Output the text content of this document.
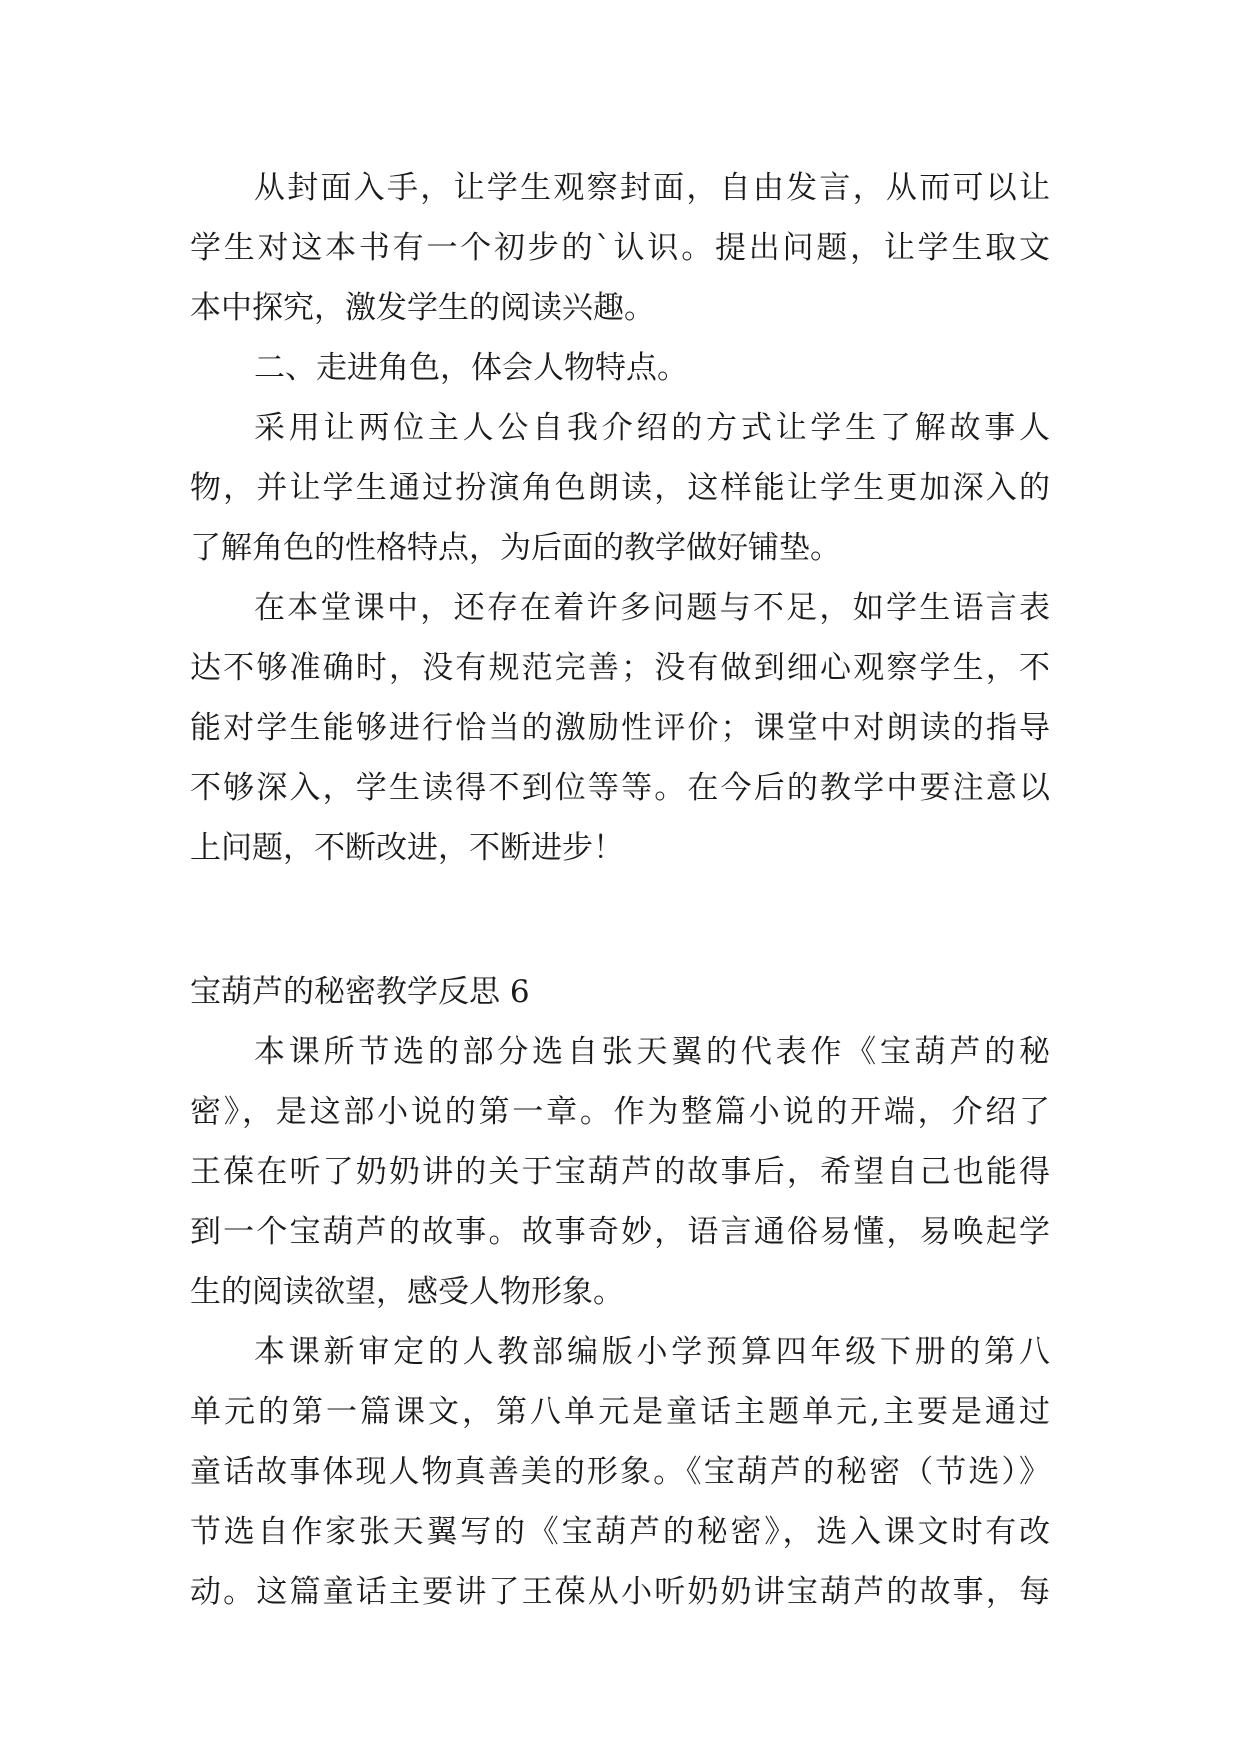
从封面入手，让学生观察封面，自由发言，从而可以让
学生对这本书有一个初步的`认识。提出问题，让学生取文
本中探究，激发学生的阅读兴趣。
二、走进角色，体会人物特点。
采用让两位主人公自我介绍的方式让学生了解故事人
物，并让学生通过扮演角色朗读，这样能让学生更加深入的
了解角色的性格特点，为后面的教学做好铺垫。
在本堂课中，还存在着许多问题与不足，如学生语言表
达不够准确时，没有规范完善；没有做到细心观察学生，不
能对学生能够进行恰当的激励性评价；课堂中对朗读的指导
不够深入，学生读得不到位等等。在今后的教学中要注意以
上问题，不断改进，不断进步！
宝葫芦的秘密教学反思 6
本课所节选的部分选自张天翼的代表作《宝葫芦的秘
密》，是这部小说的第一章。作为整篇小说的开端，介绍了
王葆在听了奶奶讲的关于宝葫芦的故事后，希望自己也能得
到一个宝葫芦的故事。故事奇妙，语言通俗易懂，易唤起学
生的阅读欲望，感受人物形象。
本课新审定的人教部编版小学预算四年级下册的第八
单元的第一篇课文，第八单元是童话主题单元,主要是通过
童话故事体现人物真善美的形象。《宝葫芦的秘密（节选）》
节选自作家张天翼写的《宝葫芦的秘密》，选入课文时有改
动。这篇童话主要讲了王葆从小听奶奶讲宝葫芦的故事，每
